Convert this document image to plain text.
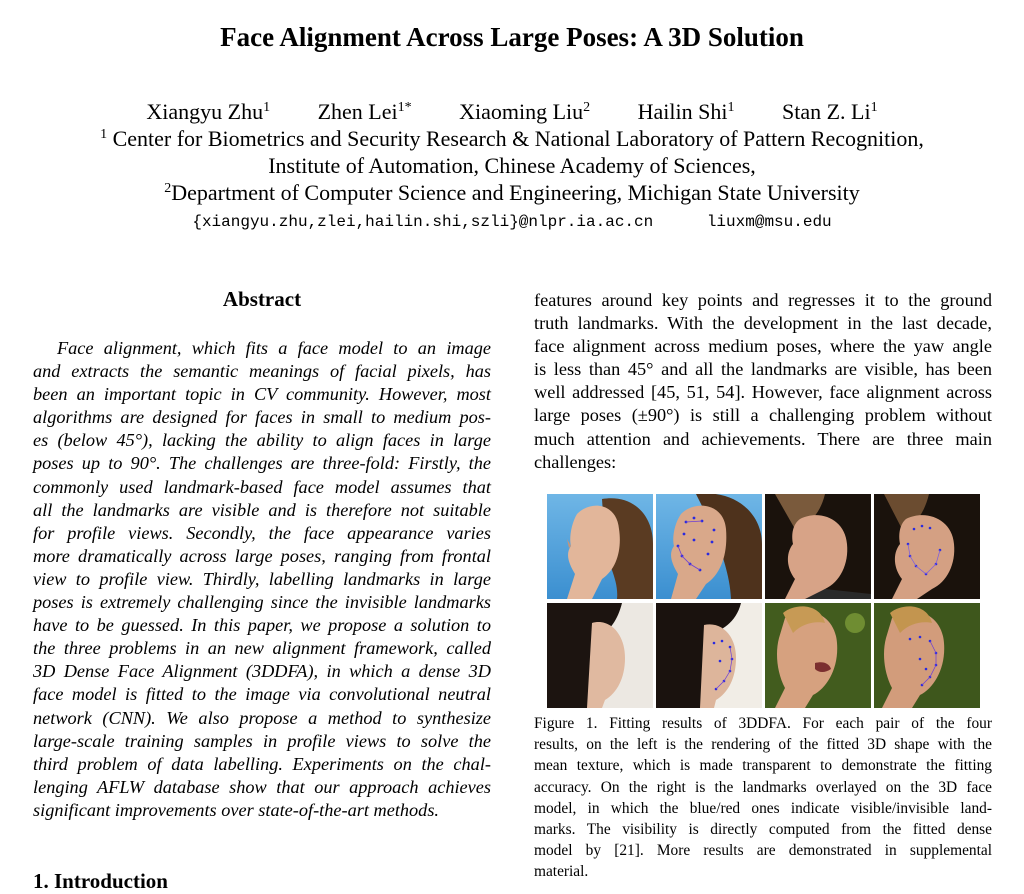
Face Alignment Across Large Poses: A 3D Solution
Xiangyu Zhu$^1$ Zhen Lei$^{1*}$ Xiaoming Liu$^2$ Hailin Shi$^1$ Stan Z. Li$^1$
$^1$ Center for Biometrics and Security Research & National Laboratory of Pattern Recognition,
Institute of Automation, Chinese Academy of Sciences,
$^2$Department of Computer Science and Engineering, Michigan State University
{xiangyu.zhu,zlei,hailin.shi,szli}@nlpr.ia.ac.cn	liuxm@msu.edu
Abstract
Face alignment, which fits a face model to an image
and extracts the semantic meanings of facial pixels, has
been an important topic in CV community. However, most
algorithms are designed for faces in small to medium pos-
es (below 45°), lacking the ability to align faces in large
poses up to 90°. The challenges are three-fold: Firstly, the
commonly used landmark-based face model assumes that
all the landmarks are visible and is therefore not suitable
for profile views. Secondly, the face appearance varies
more dramatically across large poses, ranging from frontal
view to profile view. Thirdly, labelling landmarks in large
poses is extremely challenging since the invisible landmarks
have to be guessed. In this paper, we propose a solution to
the three problems in an new alignment framework, called
3D Dense Face Alignment (3DDFA), in which a dense 3D
face model is fitted to the image via convolutional neutral
network (CNN). We also propose a method to synthesize
large-scale training samples in profile views to solve the
third problem of data labelling. Experiments on the chal-
lenging AFLW database show that our approach achieves
significant improvements over state-of-the-art methods.
1. Introduction
features around key points and regresses it to the ground
truth landmarks. With the development in the last decade,
face alignment across medium poses, where the yaw angle
is less than 45° and all the landmarks are visible, has been
well addressed [45, 51, 54]. However, face alignment across
large poses (±90°) is still a challenging problem without
much attention and achievements. There are three main
challenges:
Figure 1. Fitting results of 3DDFA. For each pair of the four
results, on the left is the rendering of the fitted 3D shape with the
mean texture, which is made transparent to demonstrate the fitting
accuracy. On the right is the landmarks overlayed on the 3D face
model, in which the blue/red ones indicate visible/invisible land-
marks. The visibility is directly computed from the fitted dense
model by [21]. More results are demonstrated in supplemental
material.
